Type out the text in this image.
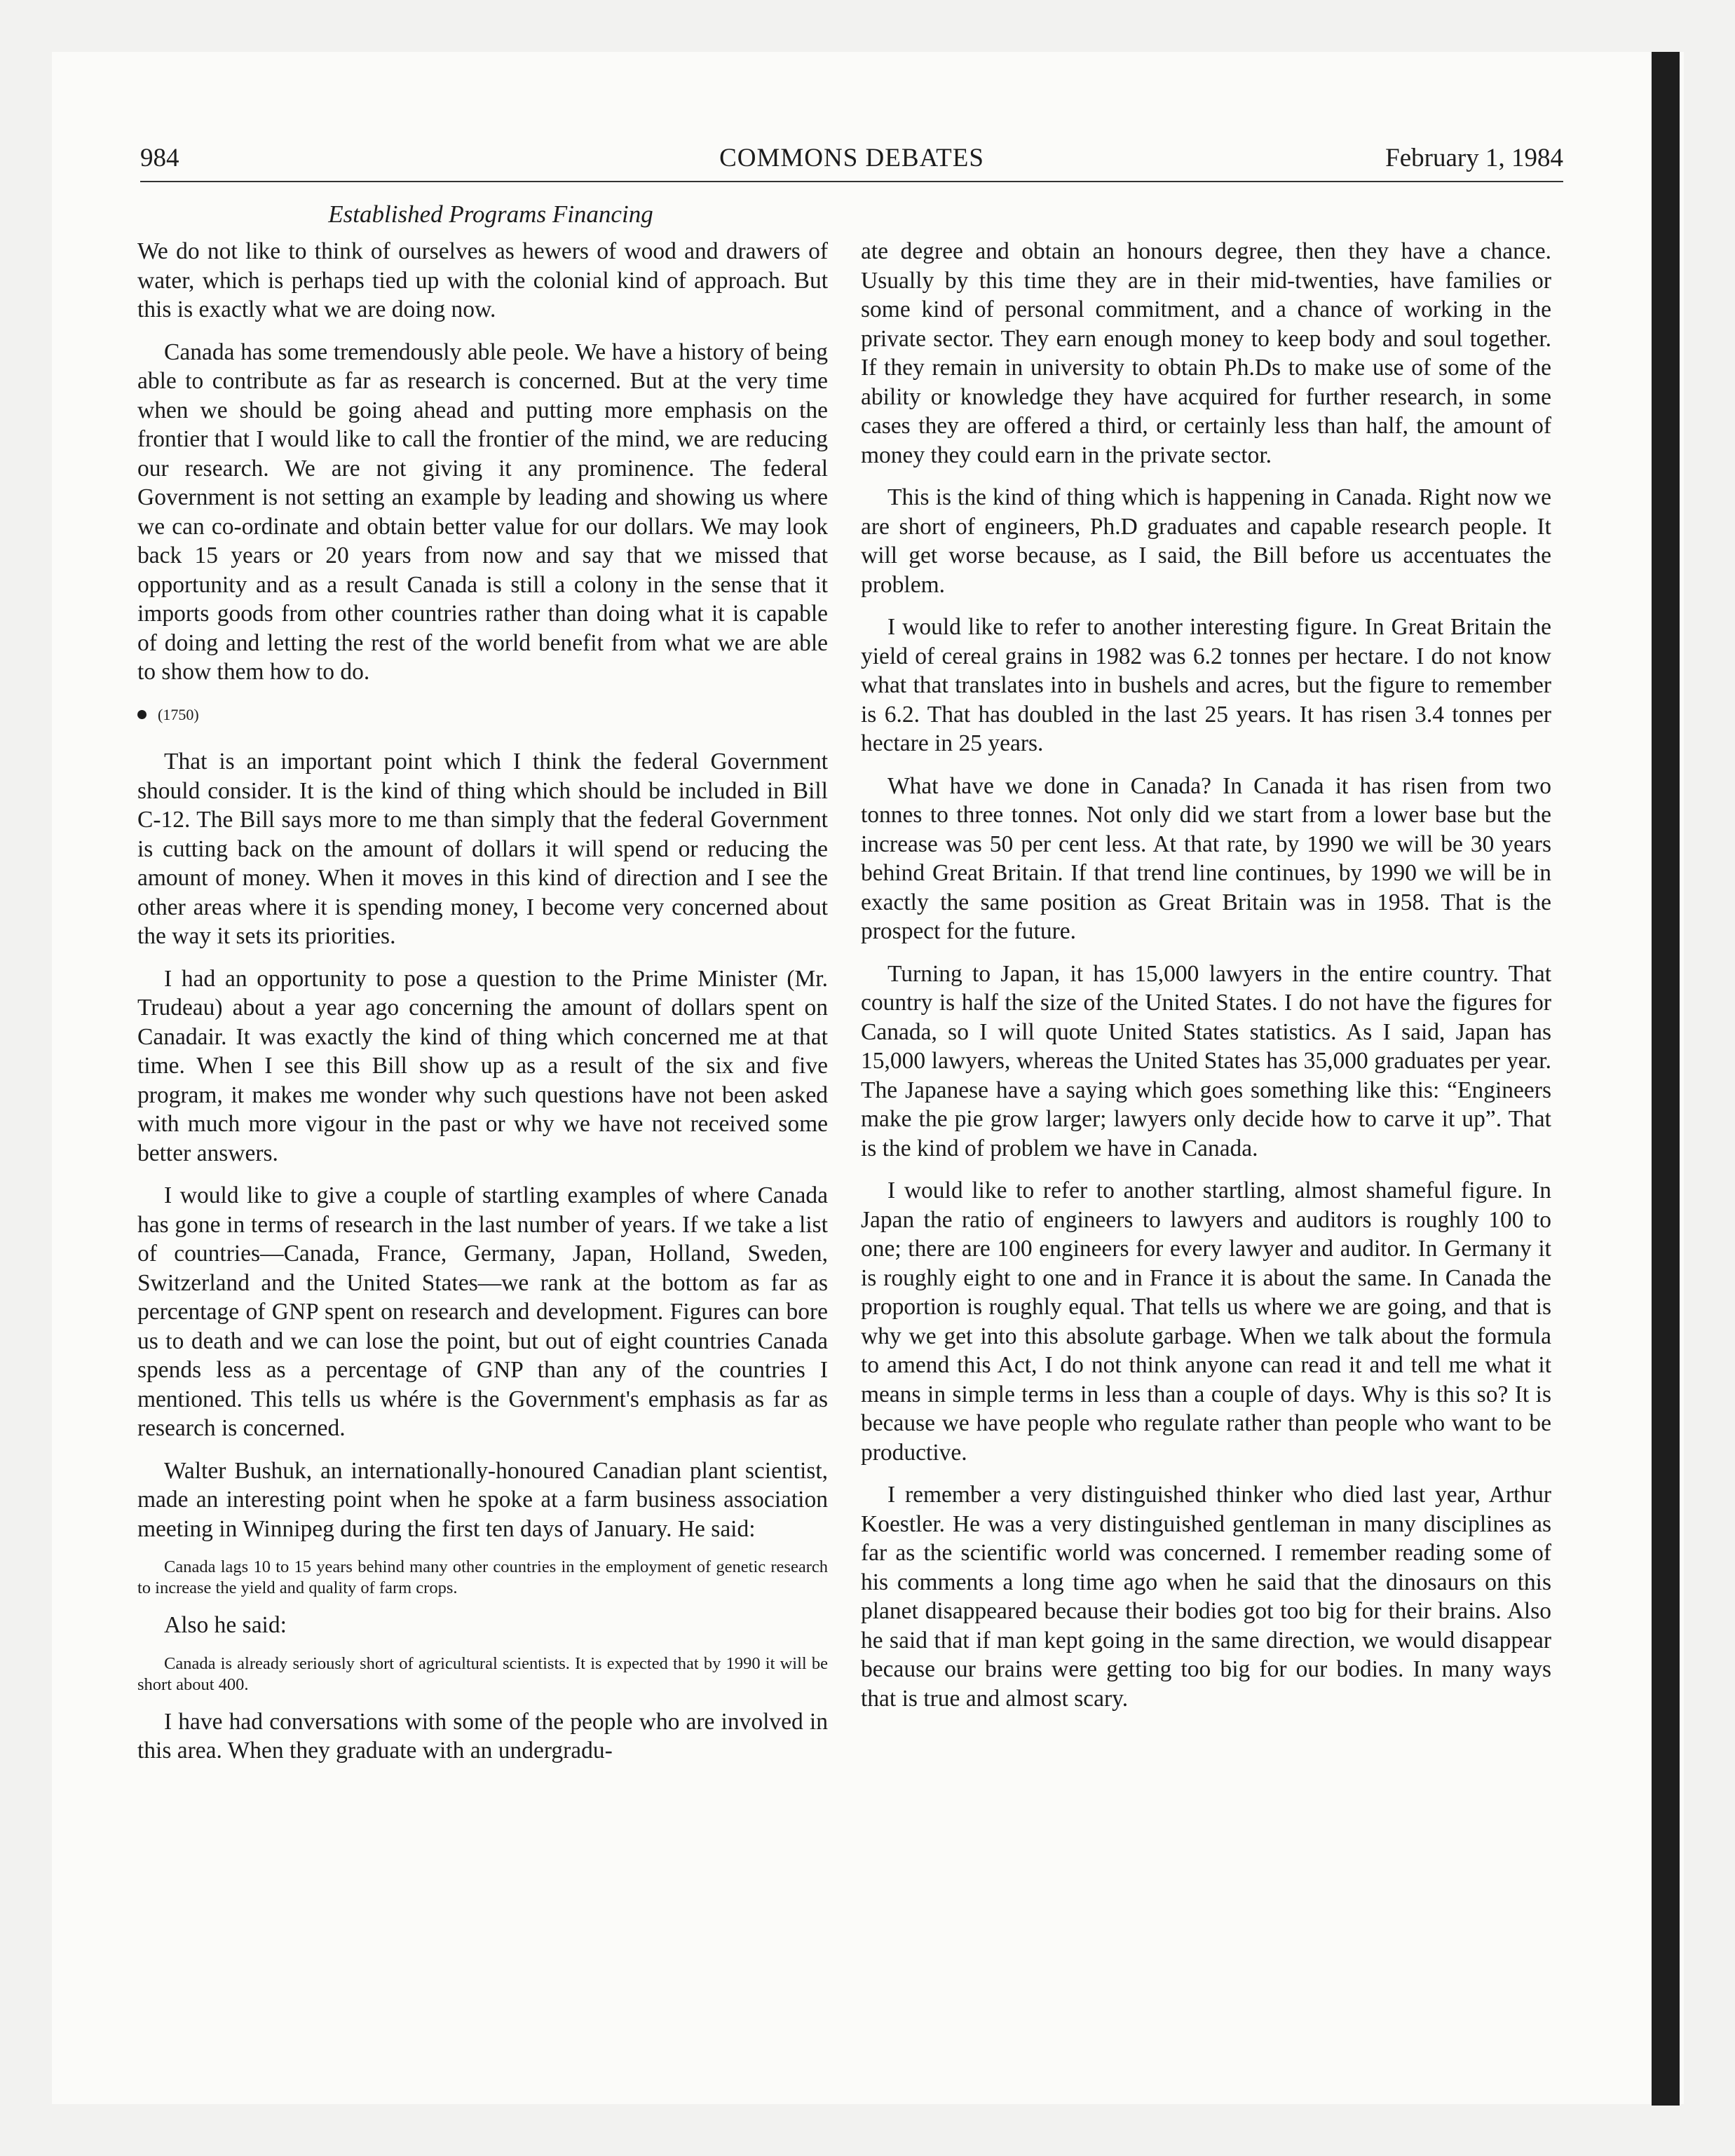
984	COMMONS DEBATES	February 1, 1984
Established Programs Financing

We do not like to think of ourselves as hewers of wood and drawers of water, which is perhaps tied up with the colonial kind of approach. But this is exactly what we are doing now.

Canada has some tremendously able peole. We have a history of being able to contribute as far as research is concerned. But at the very time when we should be going ahead and putting more emphasis on the frontier that I would like to call the frontier of the mind, we are reducing our research. We are not giving it any prominence. The federal Government is not setting an example by leading and showing us where we can co-ordinate and obtain better value for our dollars. We may look back 15 years or 20 years from now and say that we missed that opportunity and as a result Canada is still a colony in the sense that it imports goods from other countries rather than doing what it is capable of doing and letting the rest of the world benefit from what we are able to show them how to do.

(1750)

That is an important point which I think the federal Government should consider. It is the kind of thing which should be included in Bill C-12. The Bill says more to me than simply that the federal Government is cutting back on the amount of dollars it will spend or reducing the amount of money. When it moves in this kind of direction and I see the other areas where it is spending money, I become very concerned about the way it sets its priorities.

I had an opportunity to pose a question to the Prime Minister (Mr. Trudeau) about a year ago concerning the amount of dollars spent on Canadair. It was exactly the kind of thing which concerned me at that time. When I see this Bill show up as a result of the six and five program, it makes me wonder why such questions have not been asked with much more vigour in the past or why we have not received some better answers.

I would like to give a couple of startling examples of where Canada has gone in terms of research in the last number of years. If we take a list of countries—Canada, France, Germany, Japan, Holland, Sweden, Switzerland and the United States—we rank at the bottom as far as percentage of GNP spent on research and development. Figures can bore us to death and we can lose the point, but out of eight countries Canada spends less as a percentage of GNP than any of the countries I mentioned. This tells us whére is the Government's emphasis as far as research is concerned.

Walter Bushuk, an internationally-honoured Canadian plant scientist, made an interesting point when he spoke at a farm business association meeting in Winnipeg during the first ten days of January. He said:

Canada lags 10 to 15 years behind many other countries in the employment of genetic research to increase the yield and quality of farm crops.

Also he said:

Canada is already seriously short of agricultural scientists. It is expected that by 1990 it will be short about 400.

I have had conversations with some of the people who are involved in this area. When they graduate with an undergradu-

ate degree and obtain an honours degree, then they have a chance. Usually by this time they are in their mid-twenties, have families or some kind of personal commitment, and a chance of working in the private sector. They earn enough money to keep body and soul together. If they remain in university to obtain Ph.Ds to make use of some of the ability or knowledge they have acquired for further research, in some cases they are offered a third, or certainly less than half, the amount of money they could earn in the private sector.

This is the kind of thing which is happening in Canada. Right now we are short of engineers, Ph.D graduates and capable research people. It will get worse because, as I said, the Bill before us accentuates the problem.

I would like to refer to another interesting figure. In Great Britain the yield of cereal grains in 1982 was 6.2 tonnes per hectare. I do not know what that translates into in bushels and acres, but the figure to remember is 6.2. That has doubled in the last 25 years. It has risen 3.4 tonnes per hectare in 25 years.

What have we done in Canada? In Canada it has risen from two tonnes to three tonnes. Not only did we start from a lower base but the increase was 50 per cent less. At that rate, by 1990 we will be 30 years behind Great Britain. If that trend line continues, by 1990 we will be in exactly the same position as Great Britain was in 1958. That is the prospect for the future.

Turning to Japan, it has 15,000 lawyers in the entire country. That country is half the size of the United States. I do not have the figures for Canada, so I will quote United States statistics. As I said, Japan has 15,000 lawyers, whereas the United States has 35,000 graduates per year. The Japanese have a saying which goes something like this: “Engineers make the pie grow larger; lawyers only decide how to carve it up”. That is the kind of problem we have in Canada.

I would like to refer to another startling, almost shameful figure. In Japan the ratio of engineers to lawyers and auditors is roughly 100 to one; there are 100 engineers for every lawyer and auditor. In Germany it is roughly eight to one and in France it is about the same. In Canada the proportion is roughly equal. That tells us where we are going, and that is why we get into this absolute garbage. When we talk about the formula to amend this Act, I do not think anyone can read it and tell me what it means in simple terms in less than a couple of days. Why is this so? It is because we have people who regulate rather than people who want to be productive.

I remember a very distinguished thinker who died last year, Arthur Koestler. He was a very distinguished gentleman in many disciplines as far as the scientific world was concerned. I remember reading some of his comments a long time ago when he said that the dinosaurs on this planet disappeared because their bodies got too big for their brains. Also he said that if man kept going in the same direction, we would disappear because our brains were getting too big for our bodies. In many ways that is true and almost scary.
